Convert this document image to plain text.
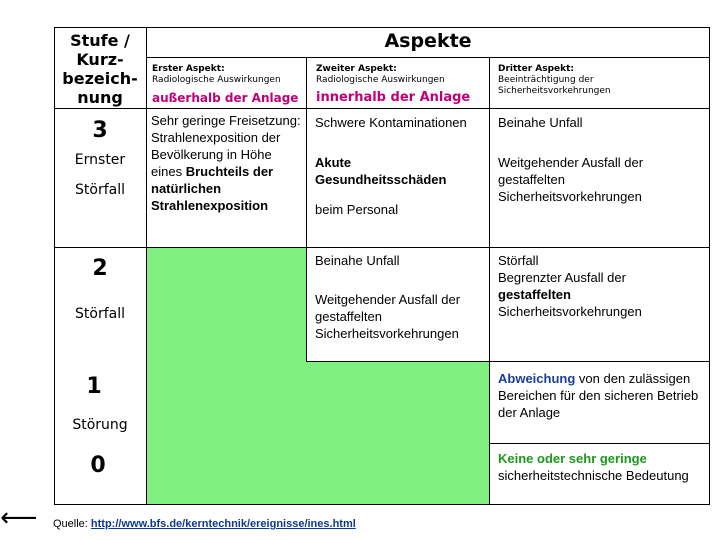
Stufe / Kurz-bezeich-nung
Aspekte
Erster Aspekt:
Radiologische Auswirkungen
außerhalb der Anlage
Zweiter Aspekt:
Radiologische Auswirkungen
innerhalb der Anlage
Dritter Aspekt:
Beeinträchtigung der Sicherheitsvorkehrungen
3
Ernster
Störfall
Sehr geringe Freisetzung: Strahlenexposition der Bevölkerung in Höhe eines Bruchteils der natürlichen Strahlenexposition
Schwere Kontaminationen
Akute Gesundheitsschäden
beim Personal
Beinahe Unfall
Weitgehender Ausfall der gestaffelten Sicherheitsvorkehrungen
2
Störfall
Beinahe Unfall
Weitgehender Ausfall der gestaffelten Sicherheitsvorkehrungen
Störfall
Begrenzter Ausfall der
gestaffelten
Sicherheitsvorkehrungen
1
Störung
Abweichung von den zulässigen Bereichen für den sicheren Betrieb der Anlage
0	Keine oder sehr geringe
sicherheitstechnische Bedeutung
⟵	Quelle: http://www.bfs.de/kerntechnik/ereignisse/ines.html
